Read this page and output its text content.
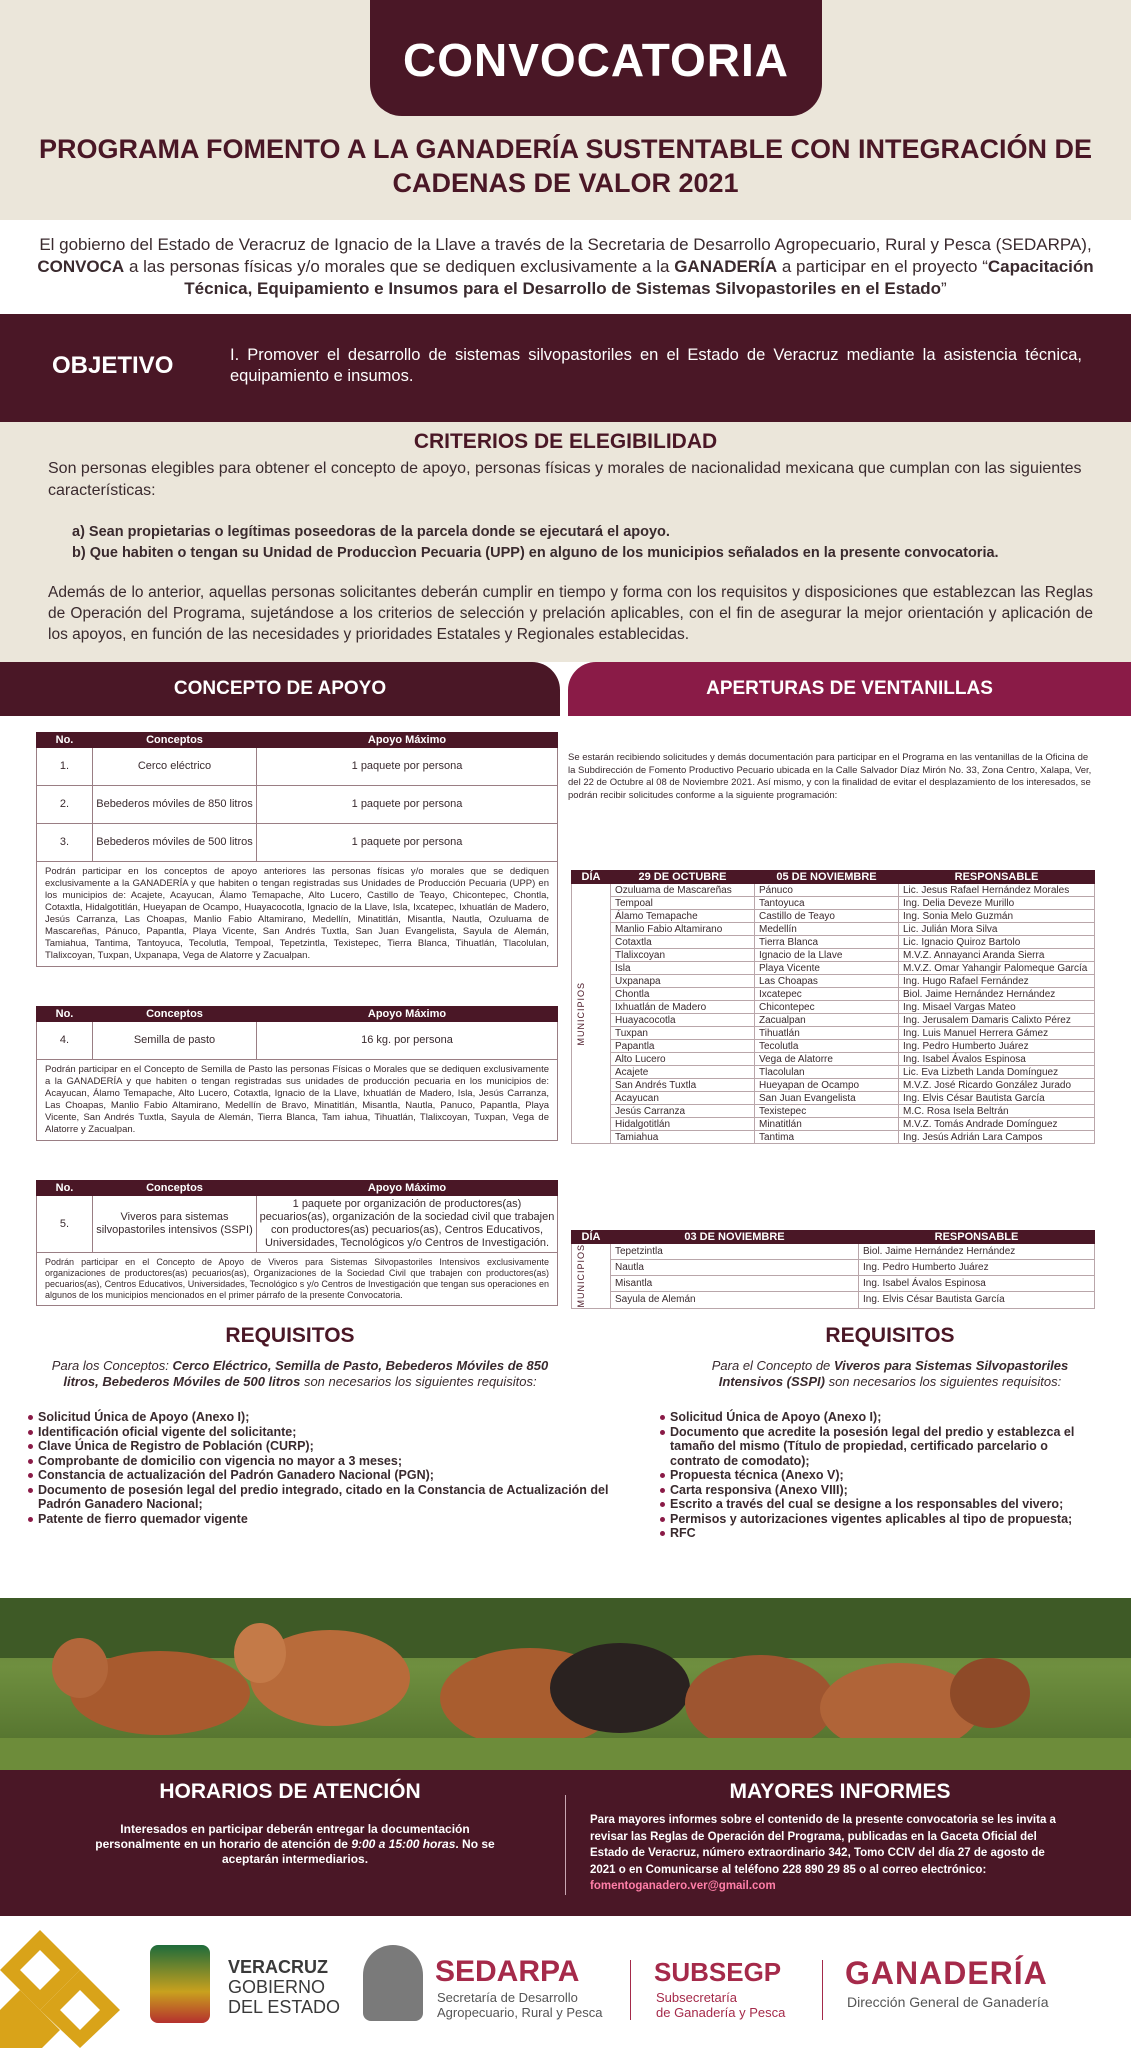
CONVOCATORIA
PROGRAMA FOMENTO A LA GANADERÍA SUSTENTABLE CON INTEGRACIÓN DE CADENAS DE VALOR 2021
El gobierno del Estado de Veracruz de Ignacio de la Llave a través de la Secretaria de Desarrollo Agropecuario, Rural y Pesca (SEDARPA), CONVOCA a las personas físicas y/o morales que se dediquen exclusivamente a la GANADERÍA a participar en el proyecto “Capacitación Técnica, Equipamiento e Insumos para el Desarrollo de Sistemas Silvopastoriles en el Estado”
OBJETIVO	I. Promover el desarrollo de sistemas silvopastoriles en el Estado de Veracruz mediante la asistencia técnica, equipamiento e insumos.
CRITERIOS DE ELEGIBILIDAD
Son personas elegibles para obtener el concepto de apoyo, personas físicas y morales de nacionalidad mexicana que cumplan con las siguientes características:
a) Sean propietarias o legítimas poseedoras de la parcela donde se ejecutará el apoyo.
b) Que habiten o tengan su Unidad de Produccìon Pecuaria (UPP) en alguno de los municipios señalados en la presente convocatoria.
Además de lo anterior, aquellas personas solicitantes deberán cumplir en tiempo y forma con los requisitos y disposiciones que establezcan las Reglas de Operación del Programa, sujetándose a los criterios de selección y prelación aplicables, con el fin de asegurar la mejor orientación y aplicación de los apoyos, en función de las necesidades y prioridades Estatales y Regionales establecidas.
CONCEPTO DE APOYO	APERTURAS DE VENTANILLAS
No.	Conceptos	Apoyo Máximo
1.	Cerco eléctrico	1 paquete por persona
2.	Bebederos móviles de 850 litros	1 paquete por persona
3.	Bebederos móviles de 500 litros	1 paquete por persona
Podrán participar en los conceptos de apoyo anteriores las personas físicas y/o morales que se dediquen exclusivamente a la GANADERÍA y que habiten o tengan registradas sus Unidades de Producción Pecuaria (UPP) en los municipios de: Acajete, Acayucan, Álamo Temapache, Alto Lucero, Castillo de Teayo, Chicontepec, Chontla, Cotaxtla, Hidalgotitlán, Hueyapan de Ocampo, Huayacocotla, Ignacio de la Llave, Isla, Ixcatepec, Ixhuatlán de Madero, Jesús Carranza, Las Choapas, Manlio Fabio Altamirano, Medellín, Minatitlán, Misantla, Nautla, Ozuluama de Mascareñas, Pánuco, Papantla, Playa Vicente, San Andrés Tuxtla, San Juan Evangelista, Sayula de Alemán, Tamiahua, Tantima, Tantoyuca, Tecolutla, Tempoal, Tepetzintla, Texistepec, Tierra Blanca, Tihuatlán, Tlacolulan, Tlalixcoyan, Tuxpan, Uxpanapa, Vega de Alatorre y Zacualpan.
No.	Conceptos	Apoyo Máximo
4.	Semilla de pasto	16 kg. por persona
Podrán participar en el Concepto de Semilla de Pasto las personas Físicas o Morales que se dediquen exclusivamente a la GANADERÍA y que habiten o tengan registradas sus unidades de producción pecuaria en los municipios de: Acayucan, Álamo Temapache, Alto Lucero, Cotaxtla, Ignacio de la Llave, Ixhuatlán de Madero, Isla, Jesús Carranza, Las Choapas, Manlio Fabio Altamirano, Medellín de Bravo, Minatitlán, Misantla, Nautla, Panuco, Papantla, Playa Vicente, San Andrés Tuxtla, Sayula de Alemán, Tierra Blanca, Tam iahua, Tihuatlán, Tlalixcoyan, Tuxpan, Vega de Alatorre y Zacualpan.
No.	Conceptos	Apoyo Máximo
5.	Viveros para sistemas silvopastoriles intensivos (SSPI)	1 paquete por organización de productores(as) pecuarios(as), organización de la sociedad civil que trabajen con productores(as) pecuarios(as), Centros Educativos, Universidades, Tecnológicos y/o Centros de Investigación.
Podrán participar en el Concepto de Apoyo de Viveros para Sistemas Silvopastoriles Intensivos exclusivamente organizaciones de productores(as) pecuarios(as), Organizaciones de la Sociedad Civil que trabajen con productores(as) pecuarios(as), Centros Educativos, Universidades, Tecnológico s y/o Centros de Investigación que tengan sus operaciones en algunos de los municipios mencionados en el primer párrafo de la presente Convocatoria.
Se estarán recibiendo solicitudes y demás documentación para participar en el Programa en las ventanillas de la Oficina de la Subdirección de Fomento Productivo Pecuario ubicada en la Calle Salvador Díaz Mirón No. 33, Zona Centro, Xalapa, Ver, del 22 de Octubre al 08 de Noviembre 2021. Así mismo, y con la finalidad de evitar el desplazamiento de los interesados, se podrán recibir solicitudes conforme a la siguiente programación:
DÍA	29 DE OCTUBRE	05 DE NOVIEMBRE	RESPONSABLE

MUNICIPIOS	Ozuluama de Mascareñas	Pánuco	Lic. Jesus Rafael Hernández Morales
	Tempoal	Tantoyuca	Ing. Delia Deveze Murillo
	Álamo Temapache	Castillo de Teayo	Ing. Sonia Melo Guzmán
	Manlio Fabio Altamirano	Medellín	Lic. Julián Mora Silva
	Cotaxtla	Tierra Blanca	Lic. Ignacio Quiroz Bartolo
	Tlalixcoyan	Ignacio de la Llave	M.V.Z. Annayanci Aranda Sierra
	Isla	Playa Vicente	M.V.Z. Omar Yahangir Palomeque García
	Uxpanapa	Las Choapas	Ing. Hugo Rafael Fernández
	Chontla	Ixcatepec	Biol. Jaime Hernández Hernández
	Ixhuatlán de Madero	Chicontepec	Ing. Misael Vargas Mateo
	Huayacocotla	Zacualpan	Ing. Jerusalem Damaris Calixto Pérez
	Tuxpan	Tihuatlán	Ing. Luis Manuel Herrera Gámez
	Papantla	Tecolutla	Ing. Pedro Humberto Juárez
	Alto Lucero	Vega de Alatorre	Ing. Isabel Ávalos Espinosa
	Acajete	Tlacolulan	Lic. Eva Lizbeth Landa Domínguez
	San Andrés Tuxtla	Hueyapan de Ocampo	M.V.Z. José Ricardo González Jurado
	Acayucan	San Juan Evangelista	Ing. Elvis César Bautista García
	Jesús Carranza	Texistepec	M.C. Rosa Isela Beltrán
	Hidalgotitlán	Minatitlán	M.V.Z. Tomás Andrade Domínguez
	Tamiahua	Tantima	Ing. Jesús Adrián Lara Campos
DÍA	03 DE NOVIEMBRE	RESPONSABLE

MUNICIPIOS	Tepetzintla	Biol. Jaime Hernández Hernández
	Nautla	Ing. Pedro Humberto Juárez
	Misantla	Ing. Isabel Ávalos Espinosa
	Sayula de Alemán	Ing. Elvis César Bautista García
REQUISITOS
Para los Conceptos: Cerco Eléctrico, Semilla de Pasto, Bebederos Móviles de 850 litros, Bebederos Móviles de 500 litros son necesarios los siguientes requisitos:
Solicitud Única de Apoyo (Anexo I);
Identificación oficial vigente del solicitante;
Clave Única de Registro de Población (CURP);
Comprobante de domicilio con vigencia no mayor a 3 meses;
Constancia de actualización del Padrón Ganadero Nacional (PGN);
Documento de posesión legal del predio integrado, citado en la Constancia de Actualización del Padrón Ganadero Nacional;
Patente de fierro quemador vigente
REQUISITOS
Para el Concepto de Viveros para Sistemas Silvopastoriles Intensivos (SSPI) son necesarios los siguientes requisitos:
Solicitud Única de Apoyo (Anexo I);
Documento que acredite la posesión legal del predio y establezca el tamaño del mismo (Título de propiedad, certificado parcelario o contrato de comodato);
Propuesta técnica (Anexo V);
Carta responsiva (Anexo VIII);
Escrito a través del cual se designe a los responsables del vivero;
Permisos y autorizaciones vigentes aplicables al tipo de propuesta;
RFC
HORARIOS DE ATENCIÓN
Interesados en participar deberán entregar la documentación personalmente en un horario de atención de 9:00 a 15:00 horas. No se aceptarán intermediarios.
MAYORES INFORMES
Para mayores informes sobre el contenido de la presente convocatoria se les invita a revisar las Reglas de Operación del Programa, publicadas en la Gaceta Oficial del Estado de Veracruz, número extraordinario 342, Tomo CCIV del día 27 de agosto de 2021 o en Comunicarse al teléfono 228 890 29 85 o al correo electrónico: fomentoganadero.ver@gmail.com
VERACRUZ
GOBIERNO
DEL ESTADO
SEDARPA
Secretaría de Desarrollo
Agropecuario, Rural y Pesca
SUBSEGP
Subsecretaría
de Ganadería y Pesca
GANADERÍA
Dirección General de Ganadería
